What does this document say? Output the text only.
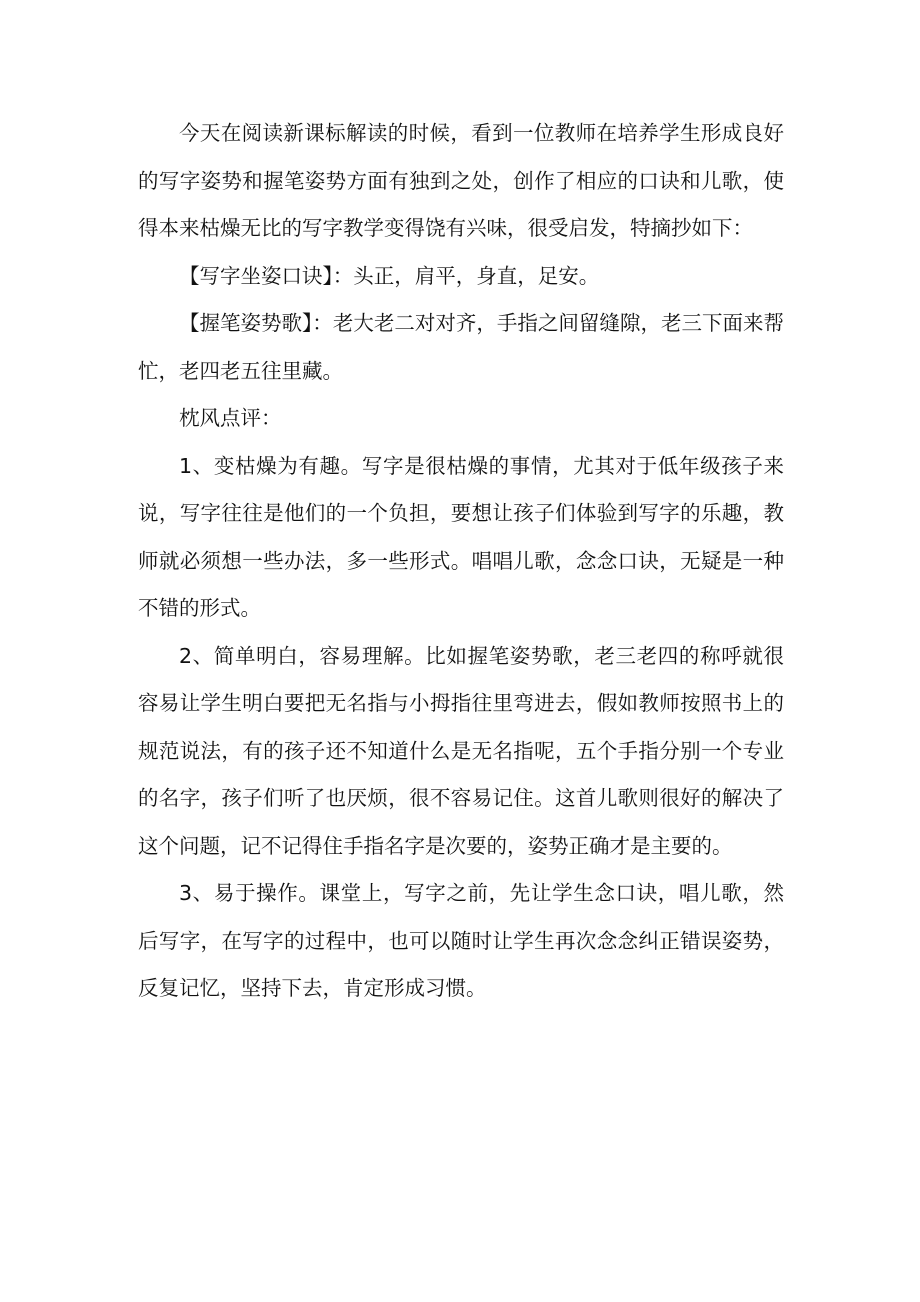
今天在阅读新课标解读的时候，看到一位教师在培养学生形成良好的写字姿势和握笔姿势方面有独到之处，创作了相应的口诀和儿歌，使得本来枯燥无比的写字教学变得饶有兴味，很受启发，特摘抄如下：

【写字坐姿口诀】：头正，肩平，身直，足安。

【握笔姿势歌】：老大老二对对齐，手指之间留缝隙，老三下面来帮忙，老四老五往里藏。

枕风点评：

1、变枯燥为有趣。写字是很枯燥的事情，尤其对于低年级孩子来说，写字往往是他们的一个负担，要想让孩子们体验到写字的乐趣，教师就必须想一些办法，多一些形式。唱唱儿歌，念念口诀，无疑是一种不错的形式。

2、简单明白，容易理解。比如握笔姿势歌，老三老四的称呼就很容易让学生明白要把无名指与小拇指往里弯进去，假如教师按照书上的规范说法，有的孩子还不知道什么是无名指呢，五个手指分别一个专业的名字，孩子们听了也厌烦，很不容易记住。这首儿歌则很好的解决了这个问题，记不记得住手指名字是次要的，姿势正确才是主要的。

3、易于操作。课堂上，写字之前，先让学生念口诀，唱儿歌，然后写字，在写字的过程中，也可以随时让学生再次念念纠正错误姿势，反复记忆，坚持下去，肯定形成习惯。
